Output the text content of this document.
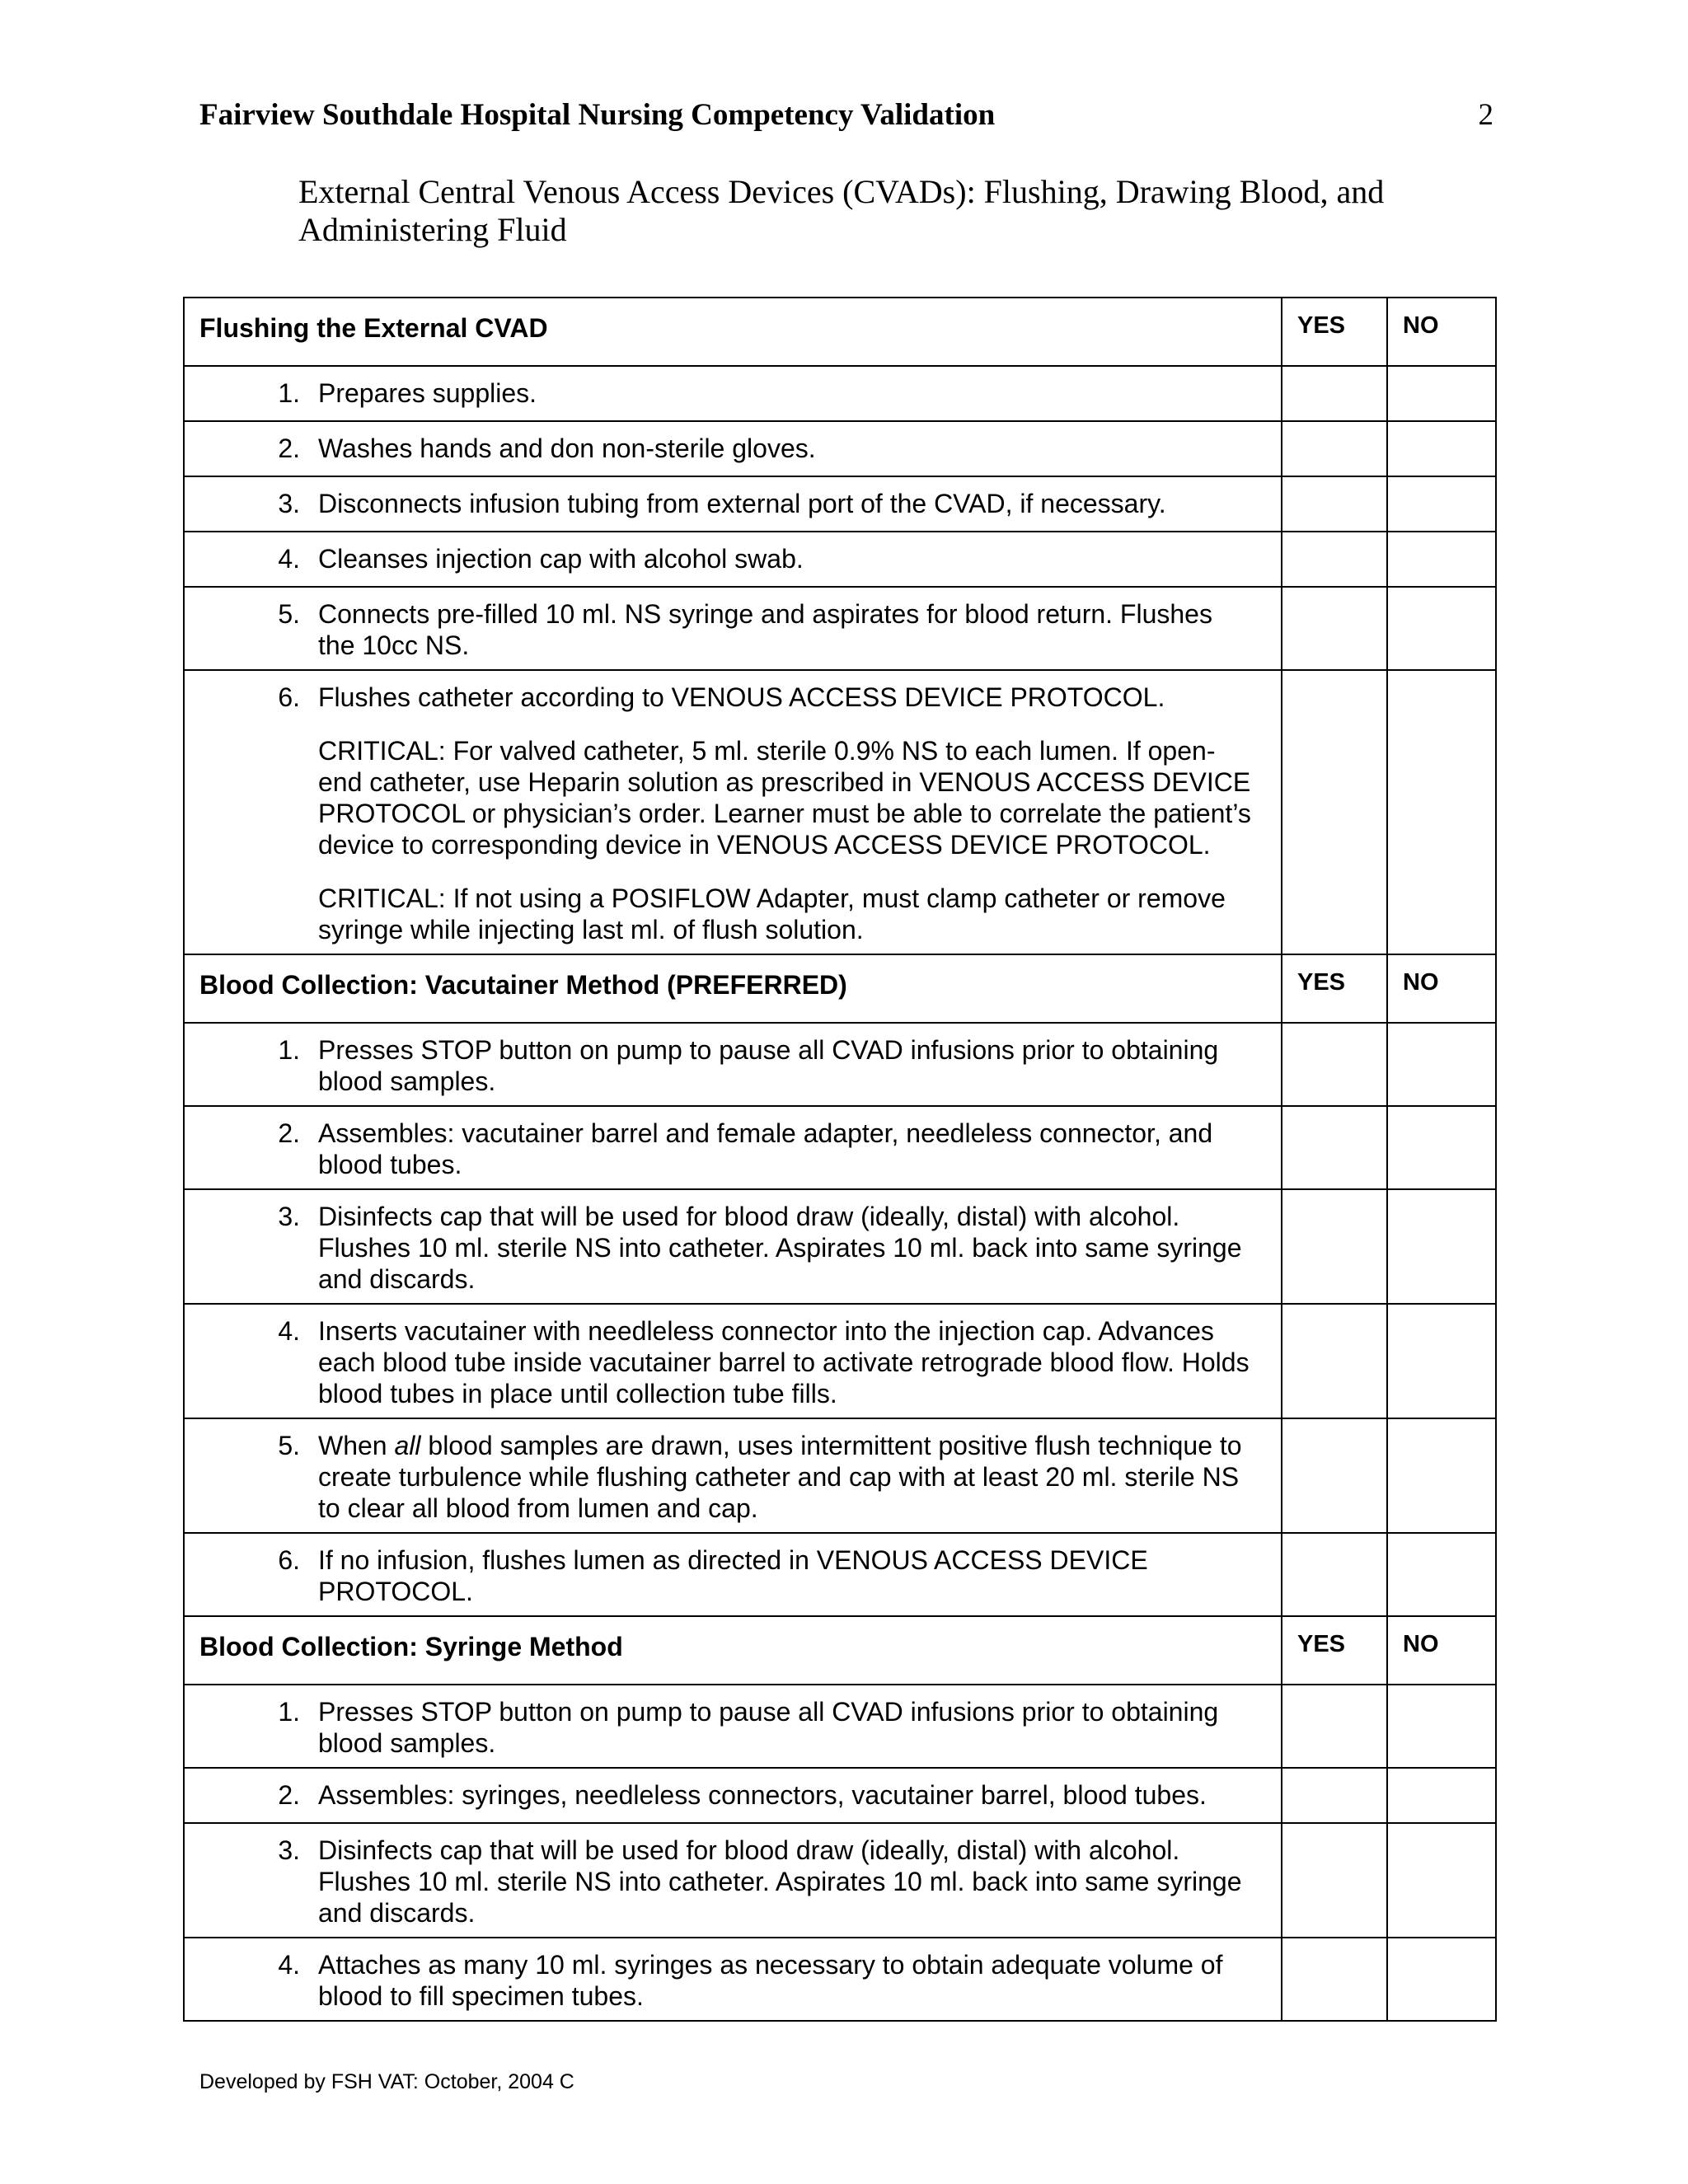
Fairview Southdale Hospital Nursing Competency Validation	2
External Central Venous Access Devices (CVADs): Flushing, Drawing Blood, and Administering Fluid
Flushing the External CVAD	YES	NO

1. Prepares supplies.		

2. Washes hands and don non-sterile gloves.		

3. Disconnects infusion tubing from external port of the CVAD, if necessary.		

4. Cleanses injection cap with alcohol swab.		

5. Connects pre-filled 10 ml. NS syringe and aspirates for blood return. Flushes the 10cc NS.		

6. Flushes catheter according to VENOUS ACCESS DEVICE PROTOCOL.

CRITICAL: For valved catheter, 5 ml. sterile 0.9% NS to each lumen. If open-end catheter, use Heparin solution as prescribed in VENOUS ACCESS DEVICE PROTOCOL or physician’s order. Learner must be able to correlate the patient’s device to corresponding device in VENOUS ACCESS DEVICE PROTOCOL.

CRITICAL: If not using a POSIFLOW Adapter, must clamp catheter or remove syringe while injecting last ml. of flush solution.		

Blood Collection: Vacutainer Method (PREFERRED)	YES	NO

1. Presses STOP button on pump to pause all CVAD infusions prior to obtaining blood samples.		

2. Assembles: vacutainer barrel and female adapter, needleless connector, and blood tubes.		

3. Disinfects cap that will be used for blood draw (ideally, distal) with alcohol. Flushes 10 ml. sterile NS into catheter. Aspirates 10 ml. back into same syringe and discards.		

4. Inserts vacutainer with needleless connector into the injection cap. Advances each blood tube inside vacutainer barrel to activate retrograde blood flow. Holds blood tubes in place until collection tube fills.		

5. When all blood samples are drawn, uses intermittent positive flush technique to create turbulence while flushing catheter and cap with at least 20 ml. sterile NS to clear all blood from lumen and cap.		

6. If no infusion, flushes lumen as directed in VENOUS ACCESS DEVICE PROTOCOL.		

Blood Collection: Syringe Method	YES	NO

1. Presses STOP button on pump to pause all CVAD infusions prior to obtaining blood samples.		

2. Assembles: syringes, needleless connectors, vacutainer barrel, blood tubes.		

3. Disinfects cap that will be used for blood draw (ideally, distal) with alcohol. Flushes 10 ml. sterile NS into catheter. Aspirates 10 ml. back into same syringe and discards.		

4. Attaches as many 10 ml. syringes as necessary to obtain adequate volume of blood to fill specimen tubes.		

Developed by FSH VAT: October, 2004 C
